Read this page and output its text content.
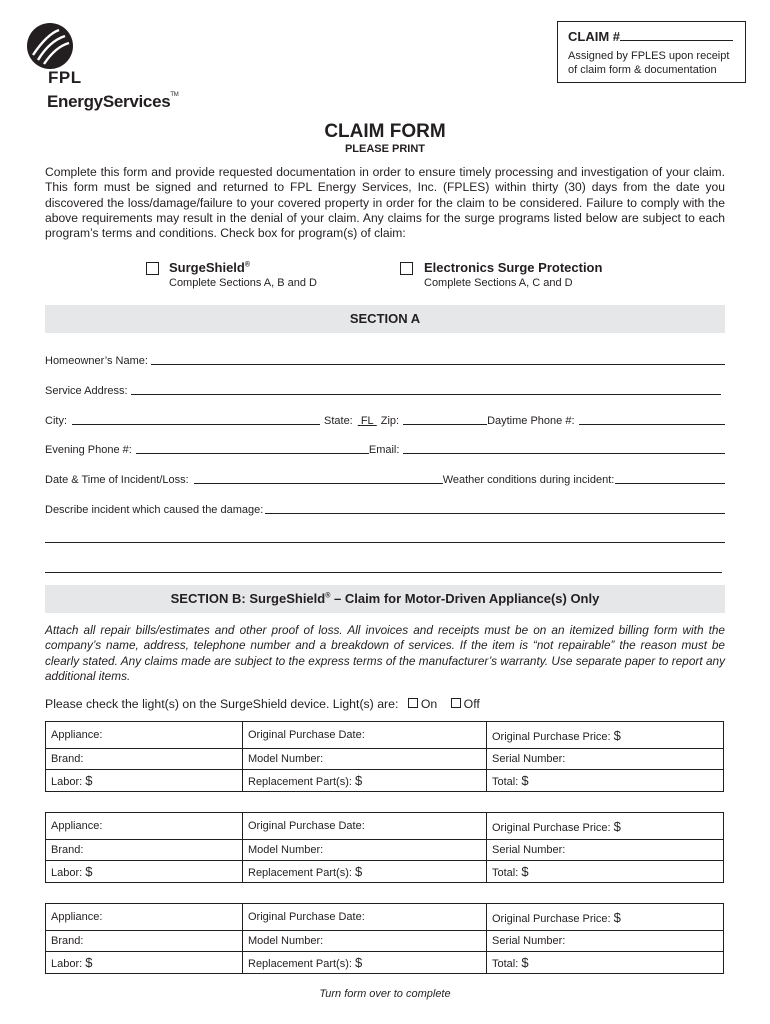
FPL
EnergyServices™
CLAIM #
Assigned by FPLES upon receipt
of claim form & documentation
CLAIM FORM
PLEASE PRINT
Complete this form and provide requested documentation in order to ensure timely processing and investigation of your claim. This form must be signed and returned to FPL Energy Services, Inc. (FPLES) within thirty (30) days from the date you discovered the loss/damage/failure to your covered property in order for the claim to be considered. Failure to comply with the above requirements may result in the denial of your claim. Any claims for the surge programs listed below are subject to each program’s terms and conditions. Check box for program(s) of claim:
SurgeShield®
Complete Sections A, B and D
Electronics Surge Protection
Complete Sections A, C and D
SECTION A
Homeowner’s Name:
Service Address:
City:	State: FL Zip:	Daytime Phone #:
Evening Phone #:	Email:
Date & Time of Incident/Loss:	Weather conditions during incident:
Describe incident which caused the damage:
SECTION B: SurgeShield® – Claim for Motor-Driven Appliance(s) Only
Attach all repair bills/estimates and other proof of loss. All invoices and receipts must be on an itemized billing form with the company’s name, address, telephone number and a breakdown of services. If the item is “not repairable” the reason must be clearly stated. Any claims made are subject to the express terms of the manufacturer’s warranty. Use separate paper to report any additional items.
Please check the light(s) on the SurgeShield device. Light(s) are: On Off
Appliance:	Original Purchase Date:	Original Purchase Price: $
Brand:	Model Number:	Serial Number:
Labor: $	Replacement Part(s): $	Total: $
Appliance:	Original Purchase Date:	Original Purchase Price: $
Brand:	Model Number:	Serial Number:
Labor: $	Replacement Part(s): $	Total: $
Appliance:	Original Purchase Date:	Original Purchase Price: $
Brand:	Model Number:	Serial Number:
Labor: $	Replacement Part(s): $	Total: $
Turn form over to complete
